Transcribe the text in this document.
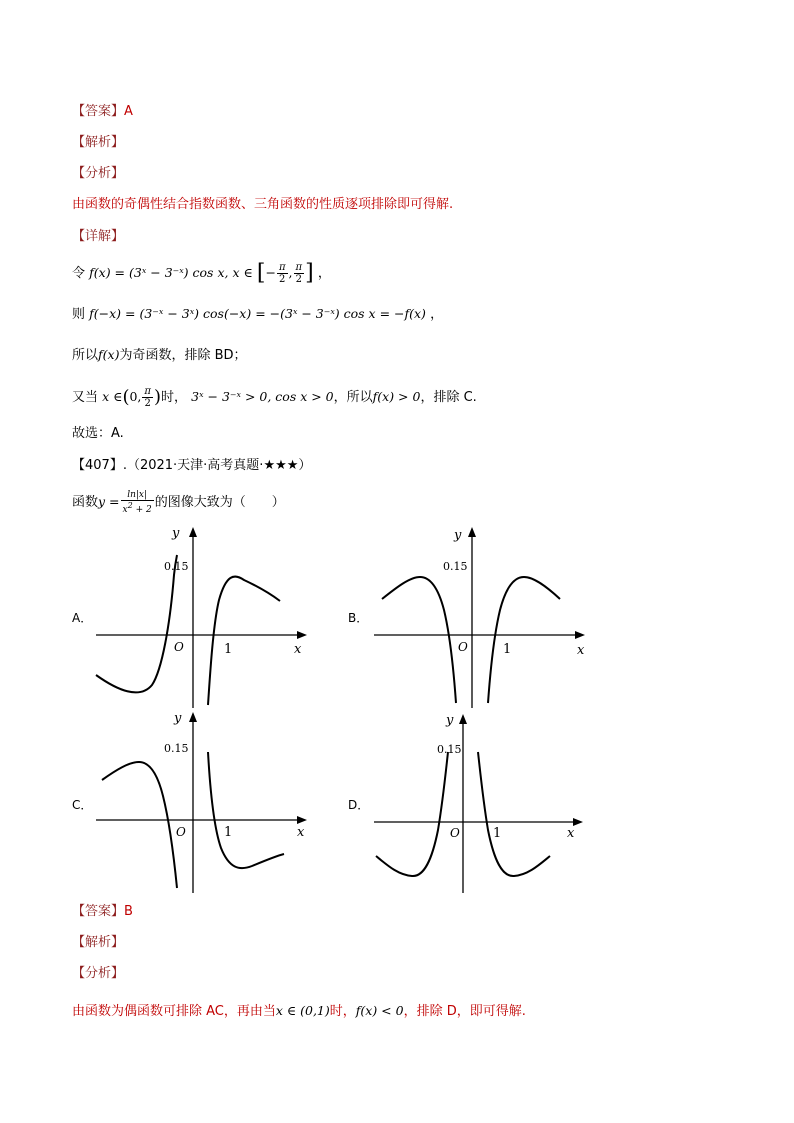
【答案】A
【解析】
【分析】
由函数的奇偶性结合指数函数、三角函数的性质逐项排除即可得解.
【详解】
令 f(x) = (3ˣ − 3⁻ˣ) cos x, x ∈ [− $\frac{\pi}{2}$ , $\frac{\pi}{2}$ ] ，
则 f(−x) = (3⁻ˣ − 3ˣ) cos(−x) = −(3ˣ − 3⁻ˣ) cos x = −f(x) ，
所以f(x)为奇函数，排除 BD；
又当 x ∈(0, $\frac{\pi}{2}$ )时， 3ˣ − 3⁻ˣ > 0, cos x > 0，所以f(x) > 0，排除 C.
故选：A.
【407】.（2021·天津·高考真题·★★★）
函数$y = \frac{\ln|x|}{x^2 + 2}$ 的图像大致为（　　）
A．	B．
C．	D．
O	1	x
y
0.15
O	1	x
y
0.15
O	1	x
y
0.15
O	1	x
y
0.15
【答案】B
【解析】
【分析】
由函数为偶函数可排除 AC，再由当x ∈ (0,1)时，f(x) < 0，排除 D，即可得解.
